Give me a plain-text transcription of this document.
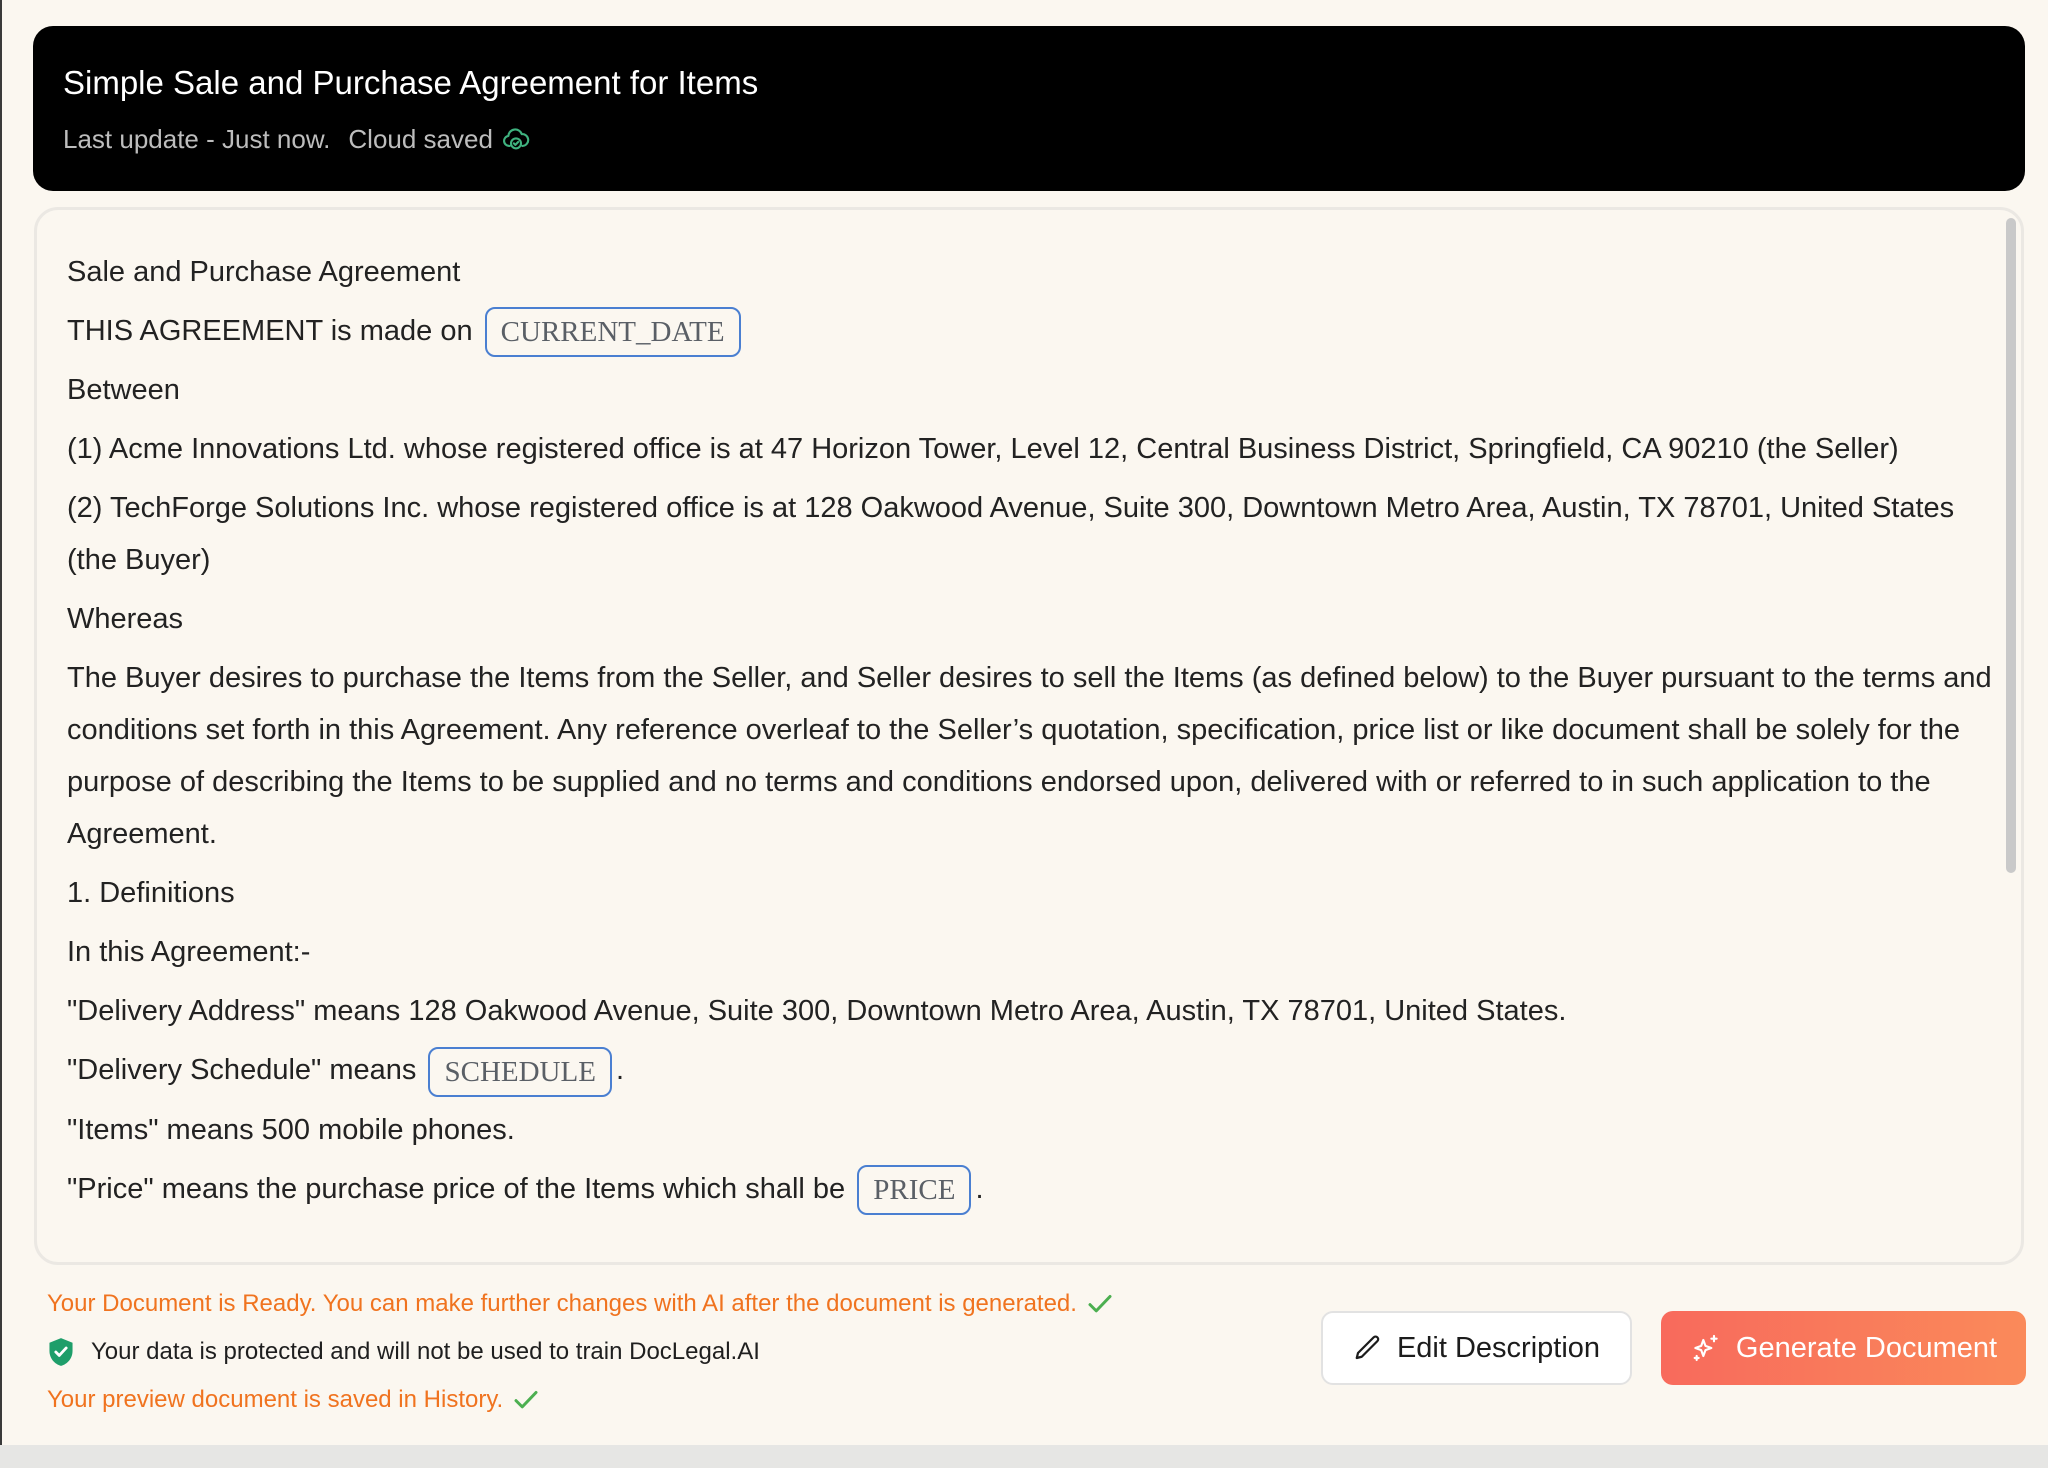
Simple Sale and Purchase Agreement for Items
Last update - Just now. Cloud saved

Sale and Purchase Agreement

THIS AGREEMENT is made on CURRENT_DATE

Between

(1) Acme Innovations Ltd. whose registered office is at 47 Horizon Tower, Level 12, Central Business District, Springfield, CA 90210 (the Seller)

(2) TechForge Solutions Inc. whose registered office is at 128 Oakwood Avenue, Suite 300, Downtown Metro Area, Austin, TX 78701, United States (the Buyer)

Whereas

The Buyer desires to purchase the Items from the Seller, and Seller desires to sell the Items (as defined below) to the Buyer pursuant to the terms and conditions set forth in this Agreement. Any reference overleaf to the Seller’s quotation, specification, price list or like document shall be solely for the purpose of describing the Items to be supplied and no terms and conditions endorsed upon, delivered with or referred to in such application to the Agreement.

1. Definitions

In this Agreement:-

"Delivery Address" means 128 Oakwood Avenue, Suite 300, Downtown Metro Area, Austin, TX 78701, United States.

"Delivery Schedule" means SCHEDULE .

"Items" means 500 mobile phones.

"Price" means the purchase price of the Items which shall be PRICE .

Your Document is Ready. You can make further changes with AI after the document is generated.
Your data is protected and will not be used to train DocLegal.AI
Your preview document is saved in History.
Edit Description	Generate Document
